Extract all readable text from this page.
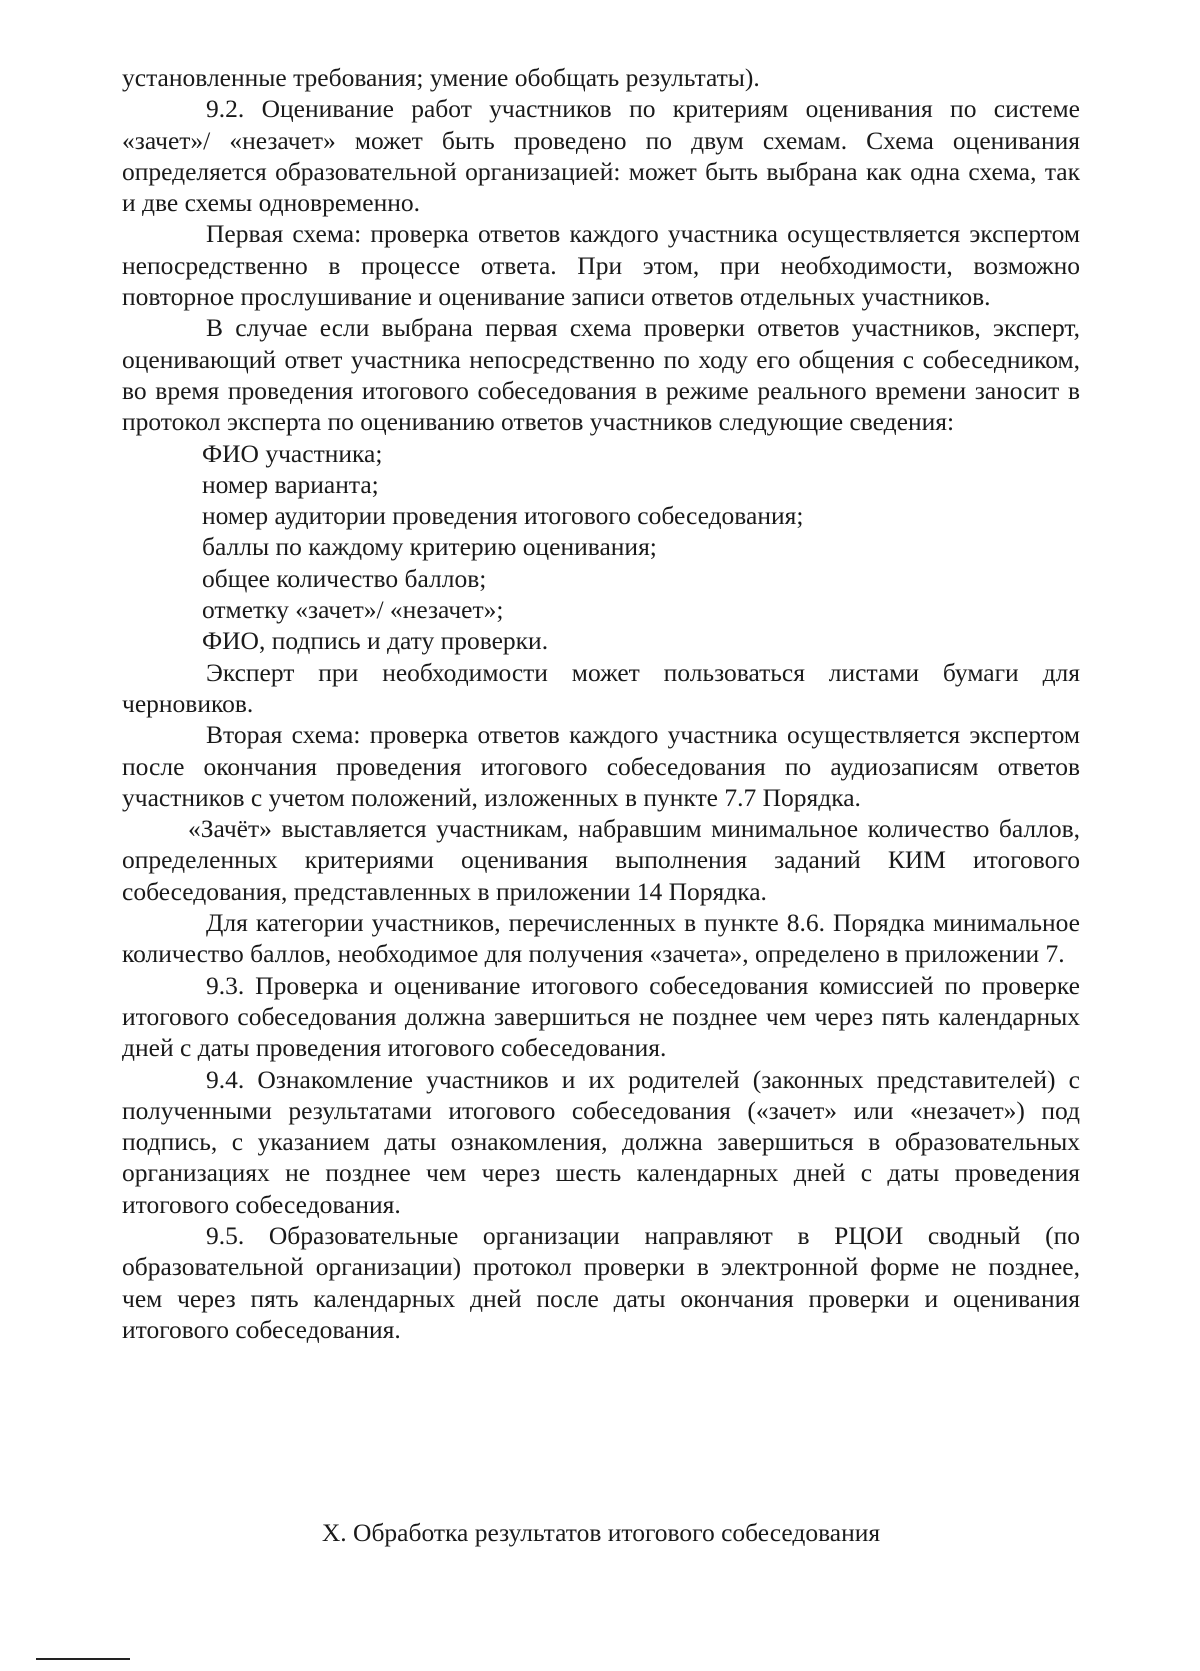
установленные требования; умение обобщать результаты).

9.2. Оценивание работ участников по критериям оценивания по системе «зачет»/ «незачет» может быть проведено по двум схемам. Схема оценивания определяется образовательной организацией: может быть выбрана как одна схема, так и две схемы одновременно.

Первая схема: проверка ответов каждого участника осуществляется экспертом непосредственно в процессе ответа. При этом, при необходимости, возможно повторное прослушивание и оценивание записи ответов отдельных участников.

В случае если выбрана первая схема проверки ответов участников, эксперт, оценивающий ответ участника непосредственно по ходу его общения с собеседником, во время проведения итогового собеседования в режиме реального времени заносит в протокол эксперта по оцениванию ответов участников следующие сведения:

ФИО участника;

номер варианта;

номер аудитории проведения итогового собеседования;

баллы по каждому критерию оценивания;

общее количество баллов;

отметку «зачет»/ «незачет»;

ФИО, подпись и дату проверки.

Эксперт при необходимости может пользоваться листами бумаги для черновиков.

Вторая схема: проверка ответов каждого участника осуществляется экспертом после окончания проведения итогового собеседования по аудиозаписям ответов участников с учетом положений, изложенных в пункте 7.7 Порядка.

«Зачёт» выставляется участникам, набравшим минимальное количество баллов, определенных критериями оценивания выполнения заданий КИМ итогового собеседования, представленных в приложении 14 Порядка.

Для категории участников, перечисленных в пункте 8.6. Порядка минимальное количество баллов, необходимое для получения «зачета», определено в приложении 7.

9.3. Проверка и оценивание итогового собеседования комиссией по проверке итогового собеседования должна завершиться не позднее чем через пять календарных дней с даты проведения итогового собеседования.

9.4. Ознакомление участников и их родителей (законных представителей) с полученными результатами итогового собеседования («зачет» или «незачет») под подпись, с указанием даты ознакомления, должна завершиться в образовательных организациях не позднее чем через шесть календарных дней с даты проведения итогового собеседования.

9.5. Образовательные организации направляют в РЦОИ сводный (по образовательной организации) протокол проверки в электронной форме не позднее, чем через пять календарных дней после даты окончания проверки и оценивания итогового собеседования.

X. Обработка результатов итогового собеседования
